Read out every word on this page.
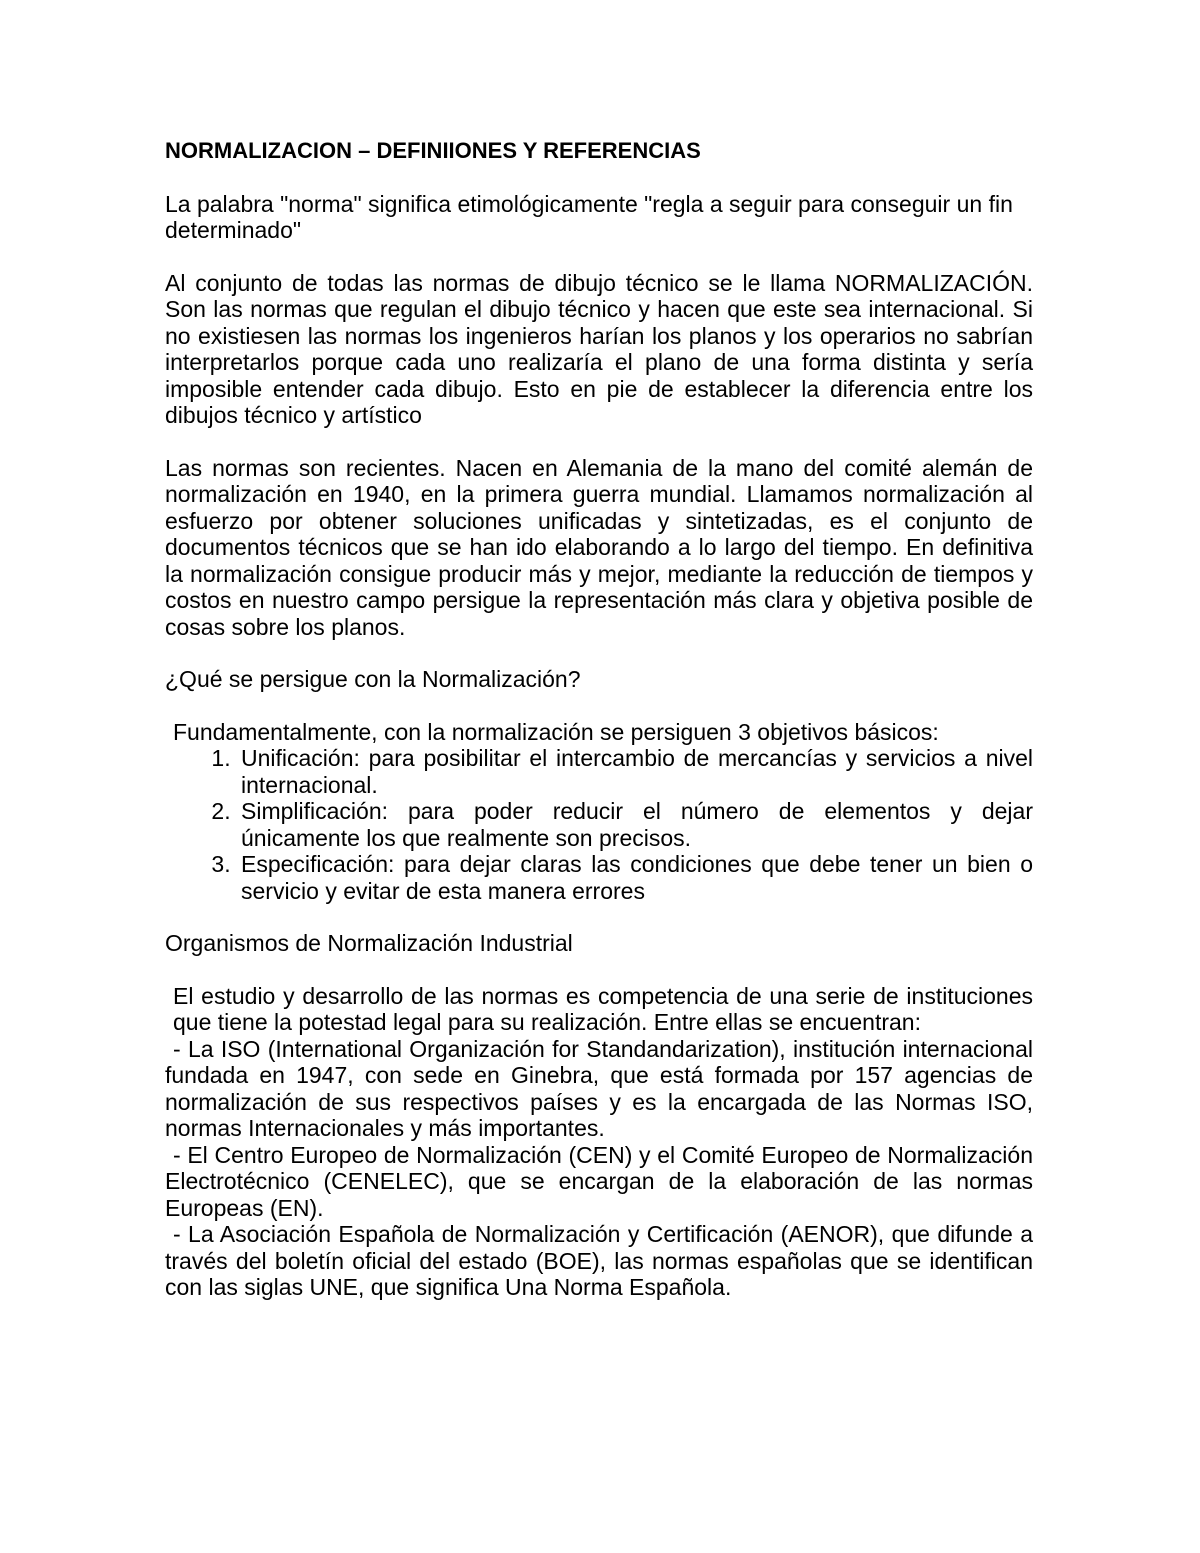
NORMALIZACION – DEFINIIONES Y REFERENCIAS

La palabra "norma" significa etimológicamente "regla a seguir para conseguir un fin determinado"

Al conjunto de todas las normas de dibujo técnico se le llama NORMALIZACIÓN. Son las normas que regulan el dibujo técnico y hacen que este sea internacional. Si no existiesen las normas los ingenieros harían los planos y los operarios no sabrían interpretarlos porque cada uno realizaría el plano de una forma distinta y sería imposible entender cada dibujo. Esto en pie de establecer la diferencia entre los dibujos técnico y artístico

Las normas son recientes. Nacen en Alemania de la mano del comité alemán de normalización en 1940, en la primera guerra mundial. Llamamos normalización al esfuerzo por obtener soluciones unificadas y sintetizadas, es el conjunto de documentos técnicos que se han ido elaborando a lo largo del tiempo. En definitiva la normalización consigue producir más y mejor, mediante la reducción de tiempos y costos en nuestro campo persigue la representación más clara y objetiva posible de cosas sobre los planos.

¿Qué se persigue con la Normalización?
Fundamentalmente, con la normalización se persiguen 3 objetivos básicos:
1. Unificación: para posibilitar el intercambio de mercancías y servicios a nivel internacional.
2. Simplificación: para poder reducir el número de elementos y dejar únicamente los que realmente son precisos.
3. Especificación: para dejar claras las condiciones que debe tener un bien o servicio y evitar de esta manera errores
Organismos de Normalización Industrial

El estudio y desarrollo de las normas es competencia de una serie de instituciones que tiene la potestad legal para su realización. Entre ellas se encuentran:

- La ISO (International Organización for Standandarization), institución internacional fundada en 1947, con sede en Ginebra, que está formada por 157 agencias de normalización de sus respectivos países y es la encargada de las Normas ISO, normas Internacionales y más importantes.

- El Centro Europeo de Normalización (CEN) y el Comité Europeo de Normalización Electrotécnico (CENELEC), que se encargan de la elaboración de las normas Europeas (EN).

- La Asociación Española de Normalización y Certificación (AENOR), que difunde a través del boletín oficial del estado (BOE), las normas españolas que se identifican con las siglas UNE, que significa Una Norma Española.
